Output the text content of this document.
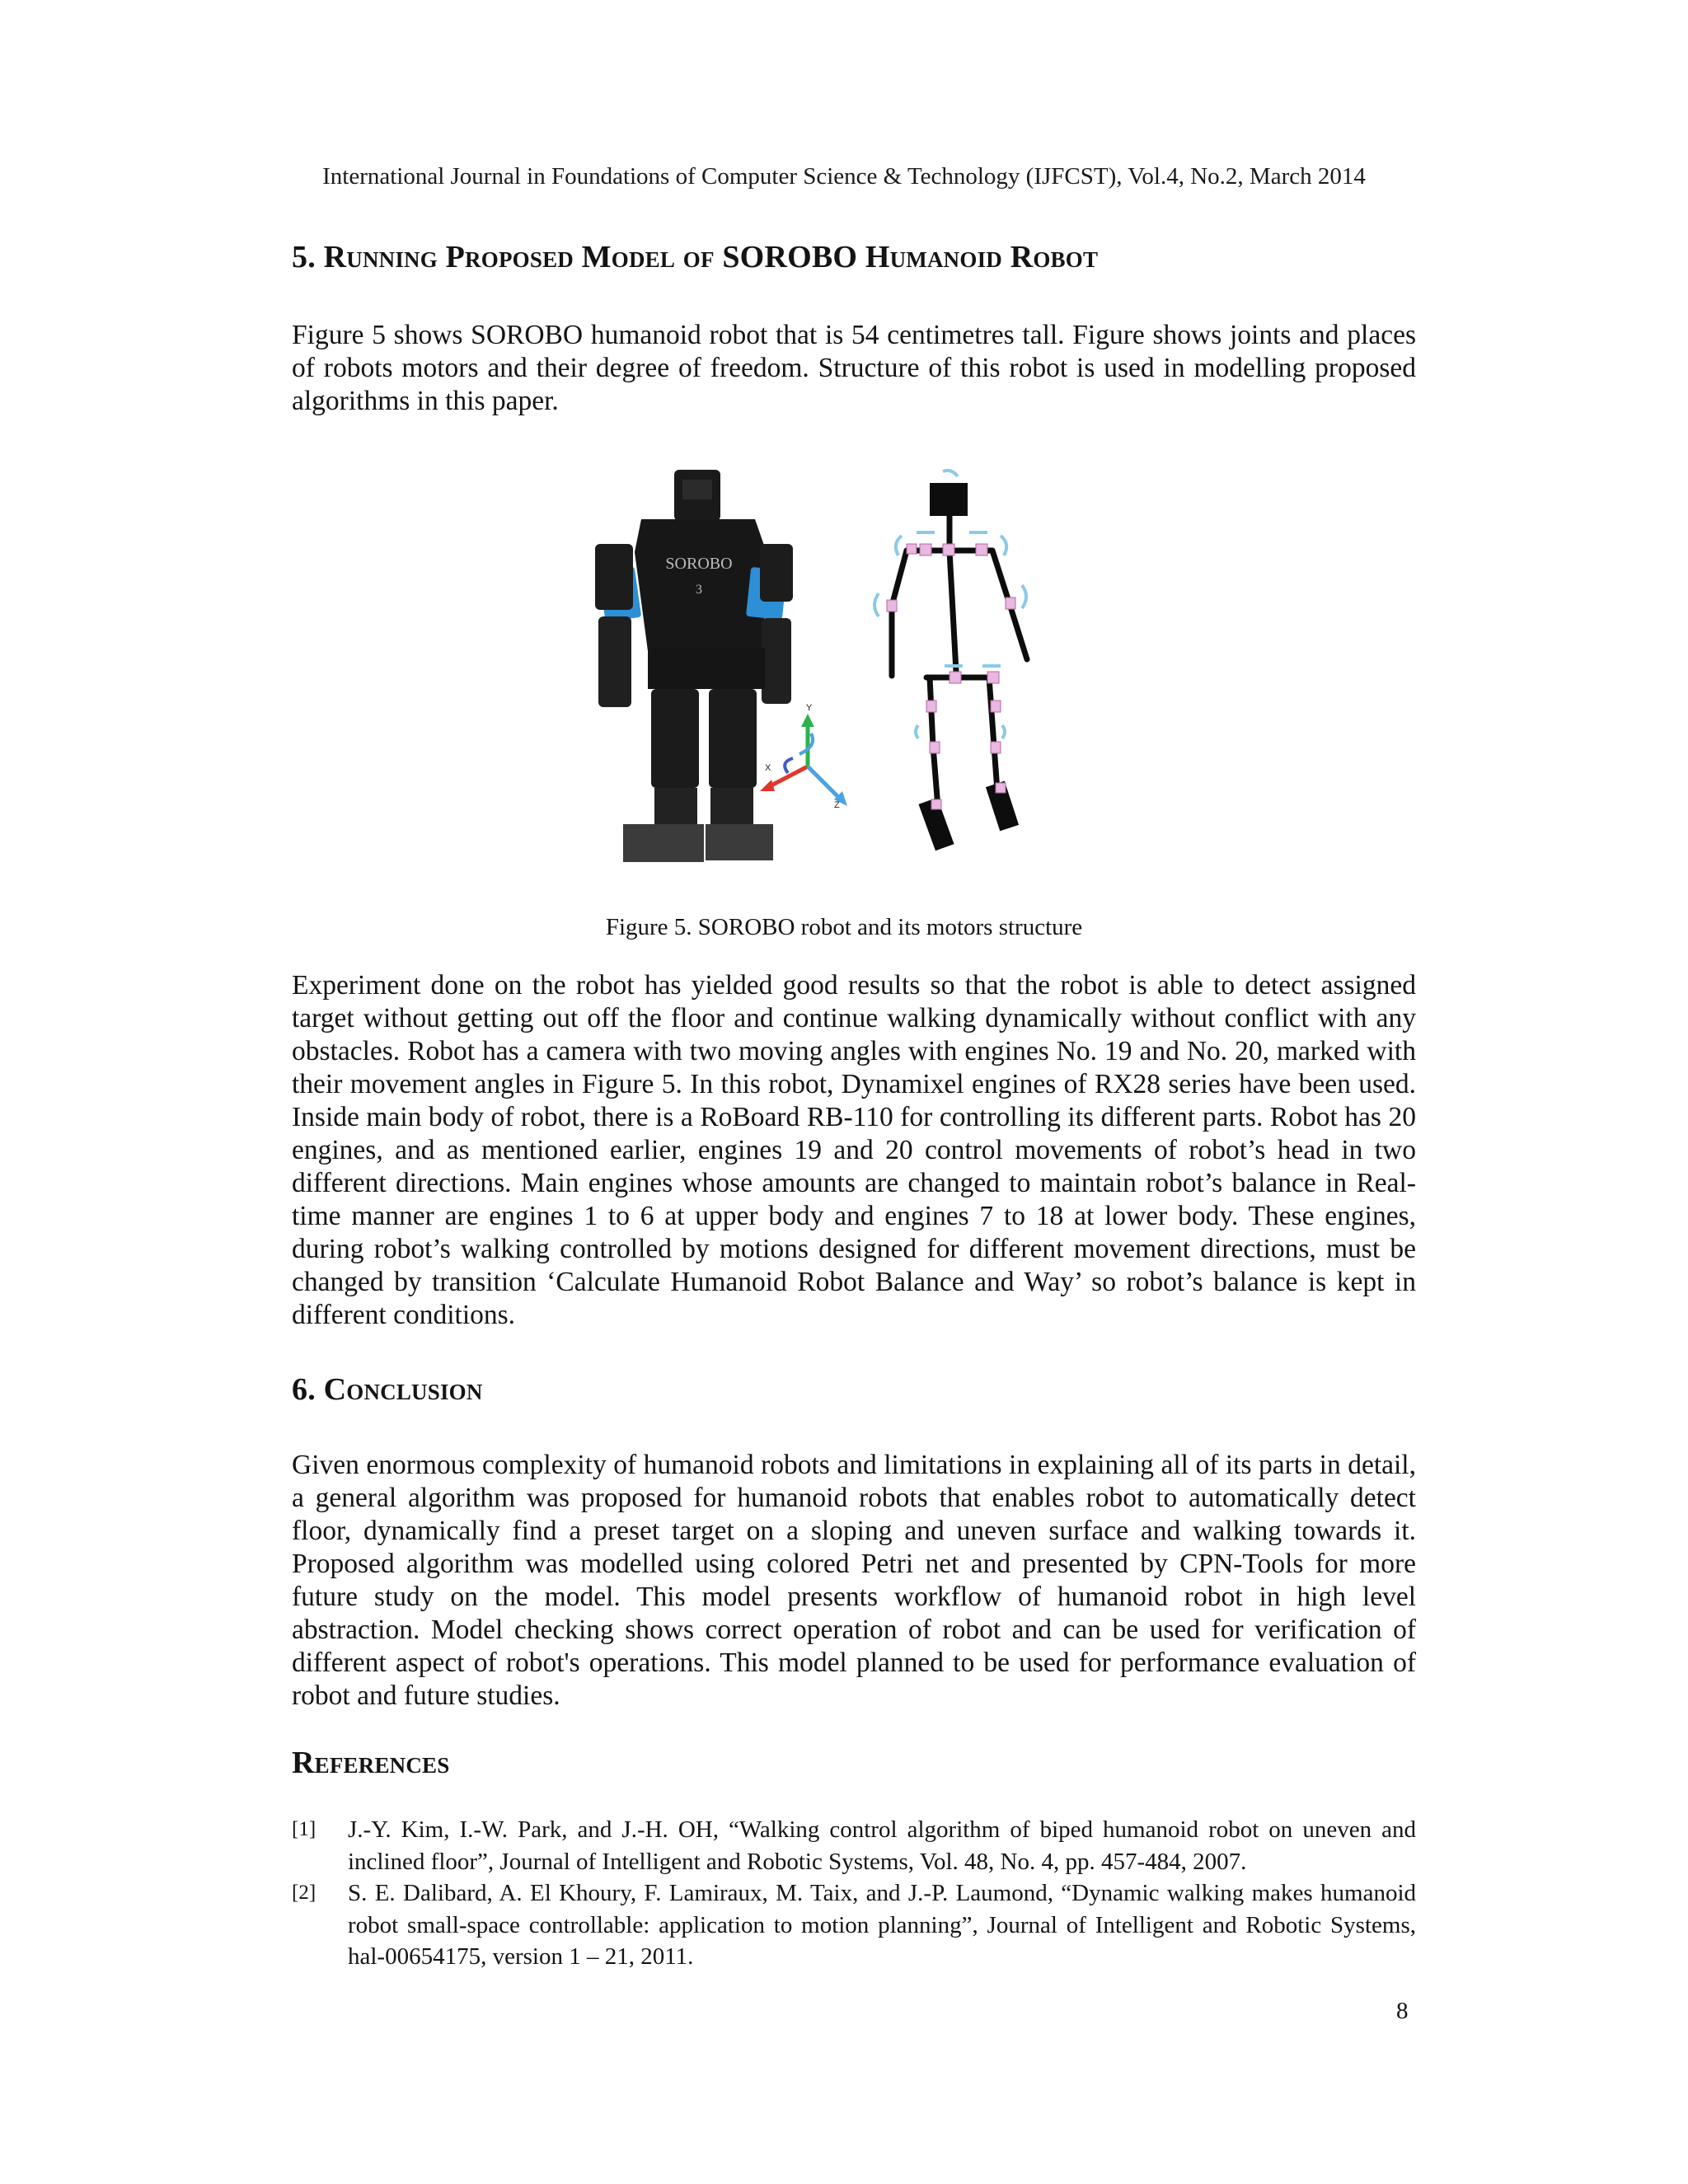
International Journal in Foundations of Computer Science & Technology (IJFCST), Vol.4, No.2, March 2014
5. Running Proposed Model of SOROBO Humanoid Robot

Figure 5 shows SOROBO humanoid robot that is 54 centimetres tall. Figure shows joints and places of robots motors and their degree of freedom. Structure of this robot is used in modelling proposed algorithms in this paper.

SOROBO
3
X
Y
Z
Figure 5. SOROBO robot and its motors structure

Experiment done on the robot has yielded good results so that the robot is able to detect assigned target without getting out off the floor and continue walking dynamically without conflict with any obstacles. Robot has a camera with two moving angles with engines No. 19 and No. 20, marked with their movement angles in Figure 5. In this robot, Dynamixel engines of RX28 series have been used. Inside main body of robot, there is a RoBoard RB-110 for controlling its different parts. Robot has 20 engines, and as mentioned earlier, engines 19 and 20 control movements of robot’s head in two different directions. Main engines whose amounts are changed to maintain robot’s balance in Real-time manner are engines 1 to 6 at upper body and engines 7 to 18 at lower body. These engines, during robot’s walking controlled by motions designed for different movement directions, must be changed by transition ‘Calculate Humanoid Robot Balance and Way’ so robot’s balance is kept in different conditions.

6. Conclusion

Given enormous complexity of humanoid robots and limitations in explaining all of its parts in detail, a general algorithm was proposed for humanoid robots that enables robot to automatically detect floor, dynamically find a preset target on a sloping and uneven surface and walking towards it. Proposed algorithm was modelled using colored Petri net and presented by CPN-Tools for more future study on the model. This model presents workflow of humanoid robot in high level abstraction. Model checking shows correct operation of robot and can be used for verification of different aspect of robot's operations. This model planned to be used for performance evaluation of robot and future studies.

References
[1]	J.-Y. Kim, I.-W. Park, and J.-H. OH, “Walking control algorithm of biped humanoid robot on uneven and inclined floor”, Journal of Intelligent and Robotic Systems, Vol. 48, No. 4, pp. 457-484, 2007.
[2]	S. E. Dalibard, A. El Khoury, F. Lamiraux, M. Taix, and J.-P. Laumond, “Dynamic walking makes humanoid robot small-space controllable: application to motion planning”, Journal of Intelligent and Robotic Systems, hal-00654175, version 1 – 21, 2011.
8
